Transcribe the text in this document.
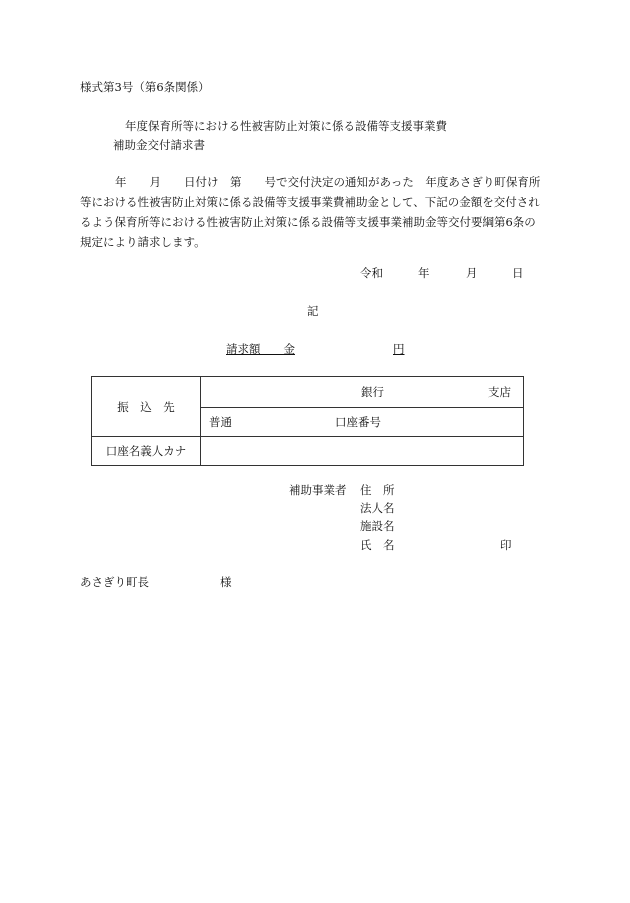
様式第3号（第6条関係）
年度保育所等における性被害防止対策に係る設備等支援事業費
補助金交付請求書
年　　月　　日付け　第　　号で交付決定の通知があった　年度あさぎり町保育所
等における性被害防止対策に係る設備等支援事業費補助金として、下記の金額を交付され
るよう保育所等における性被害防止対策に係る設備等支援事業補助金等交付要綱第6条の
規定により請求します。
令和	年	月	日
記
請求額　　金	円
振　込　先	銀行 支店

	普通 口座番号

口座名義人カナ	
補助事業者 住　所
法人名
施設名
氏　名	印
あさぎり町長	様
